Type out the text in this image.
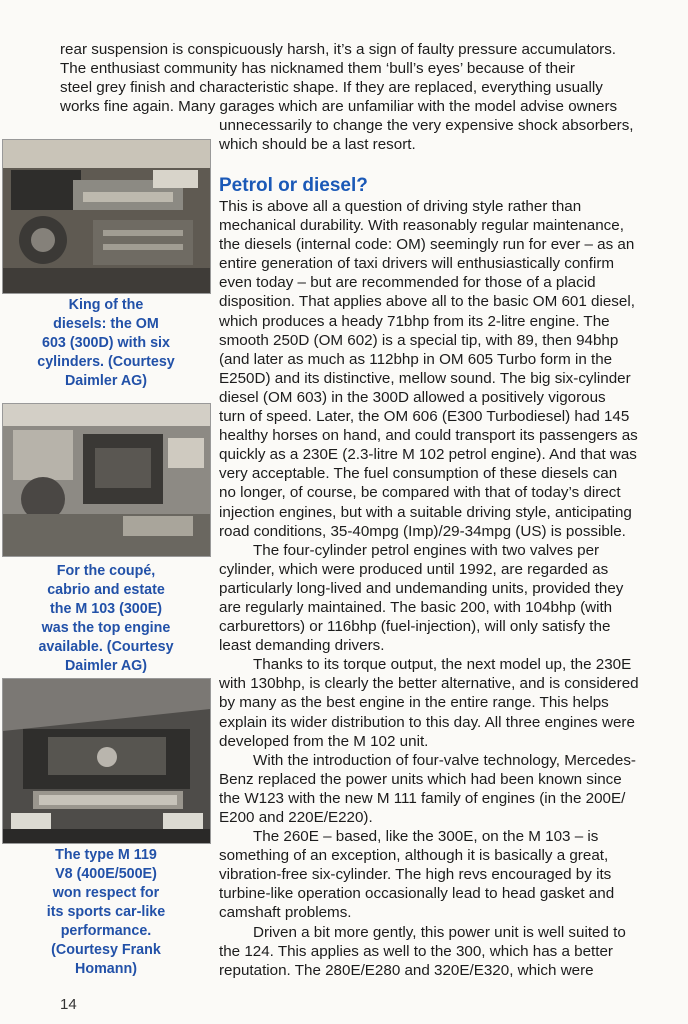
rear suspension is conspicuously harsh, it’s a sign of faulty pressure accumulators.
The enthusiast community has nicknamed them ‘bull’s eyes’ because of their
steel grey finish and characteristic shape. If they are replaced, everything usually
works fine again. Many garages which are unfamiliar with the model advise owners

unnecessarily to change the very expensive shock absorbers,
which should be a last resort.

Petrol or diesel?

This is above all a question of driving style rather than
mechanical durability. With reasonably regular maintenance,
the diesels (internal code: OM) seemingly run for ever – as an
entire generation of taxi drivers will enthusiastically confirm
even today – but are recommended for those of a placid
disposition. That applies above all to the basic OM 601 diesel,
which produces a heady 71bhp from its 2-litre engine. The
smooth 250D (OM 602) is a special tip, with 89, then 94bhp
(and later as much as 112bhp in OM 605 Turbo form in the
E250D) and its distinctive, mellow sound. The big six-cylinder
diesel (OM 603) in the 300D allowed a positively vigorous
turn of speed. Later, the OM 606 (E300 Turbodiesel) had 145
healthy horses on hand, and could transport its passengers as
quickly as a 230E (2.3-litre M 102 petrol engine). And that was
very acceptable. The fuel consumption of these diesels can
no longer, of course, be compared with that of today’s direct
injection engines, but with a suitable driving style, anticipating
road conditions, 35-40mpg (Imp)/29-34mpg (US) is possible.

The four-cylinder petrol engines with two valves per
cylinder, which were produced until 1992, are regarded as
particularly long-lived and undemanding units, provided they
are regularly maintained. The basic 200, with 104bhp (with
carburettors) or 116bhp (fuel-injection), will only satisfy the
least demanding drivers.

Thanks to its torque output, the next model up, the 230E
with 130bhp, is clearly the better alternative, and is considered
by many as the best engine in the entire range. This helps
explain its wider distribution to this day. All three engines were
developed from the M 102 unit.

With the introduction of four-valve technology, Mercedes-
Benz replaced the power units which had been known since
the W123 with the new M 111 family of engines (in the 200E/
E200 and 220E/E220).

The 260E – based, like the 300E, on the M 103 – is
something of an exception, although it is basically a great,
vibration-free six-cylinder. The high revs encouraged by its
turbine-like operation occasionally lead to head gasket and
camshaft problems.

Driven a bit more gently, this power unit is well suited to
the 124. This applies as well to the 300, which has a better
reputation. The 280E/E280 and 320E/E320, which were

King of the
diesels: the OM
603 (300D) with six
cylinders. (Courtesy
Daimler AG)

For the coupé,
cabrio and estate
the M 103 (300E)
was the top engine
available. (Courtesy
Daimler AG)

The type M 119
V8 (400E/500E)
won respect for
its sports car-like
performance.
(Courtesy Frank
Homann)

14
